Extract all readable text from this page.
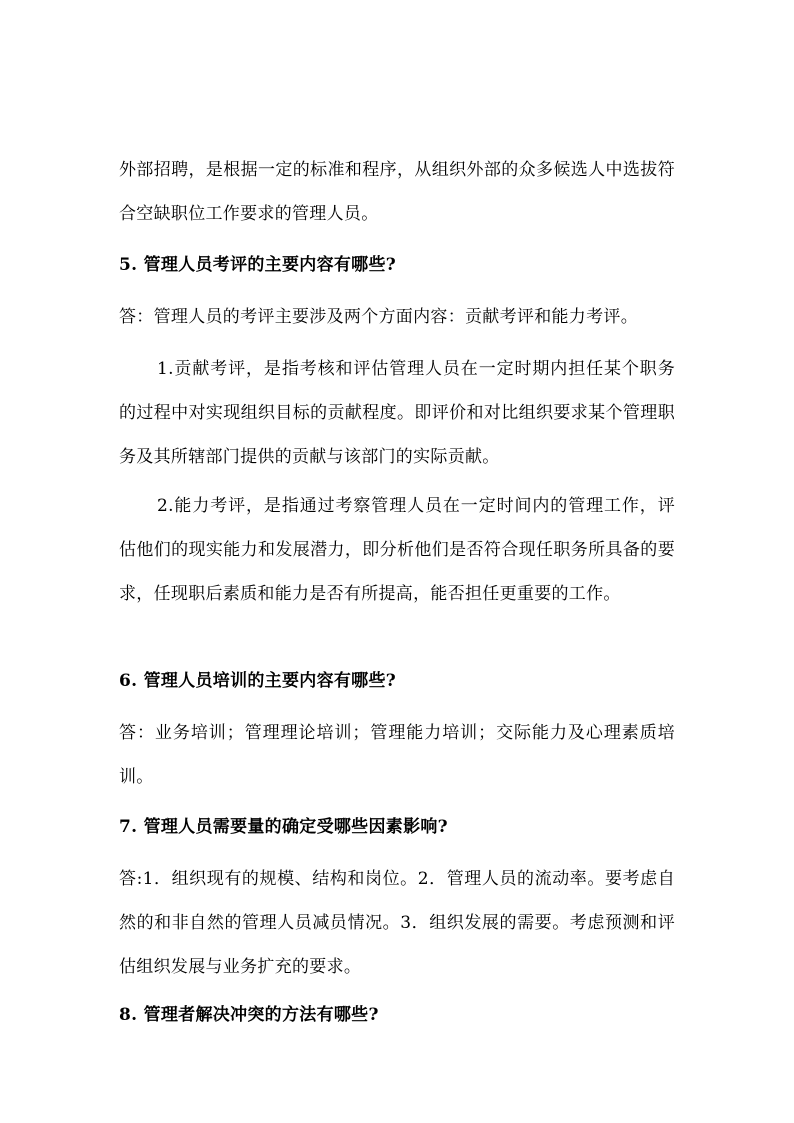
外部招聘，是根据一定的标准和程序，从组织外部的众多候选人中选拔符合空缺职位工作要求的管理人员。

5. 管理人员考评的主要内容有哪些?

答：管理人员的考评主要涉及两个方面内容：贡献考评和能力考评。

1.贡献考评，是指考核和评估管理人员在一定时期内担任某个职务的过程中对实现组织目标的贡献程度。即评价和对比组织要求某个管理职务及其所辖部门提供的贡献与该部门的实际贡献。

2.能力考评，是指通过考察管理人员在一定时间内的管理工作，评估他们的现实能力和发展潜力，即分析他们是否符合现任职务所具备的要求，任现职后素质和能力是否有所提高，能否担任更重要的工作。

6. 管理人员培训的主要内容有哪些?

答：业务培训；管理理论培训；管理能力培训；交际能力及心理素质培训。

7. 管理人员需要量的确定受哪些因素影响?

答:1．组织现有的规模、结构和岗位。2．管理人员的流动率。要考虑自然的和非自然的管理人员减员情况。3．组织发展的需要。考虑预测和评估组织发展与业务扩充的要求。

8. 管理者解决冲突的方法有哪些?
